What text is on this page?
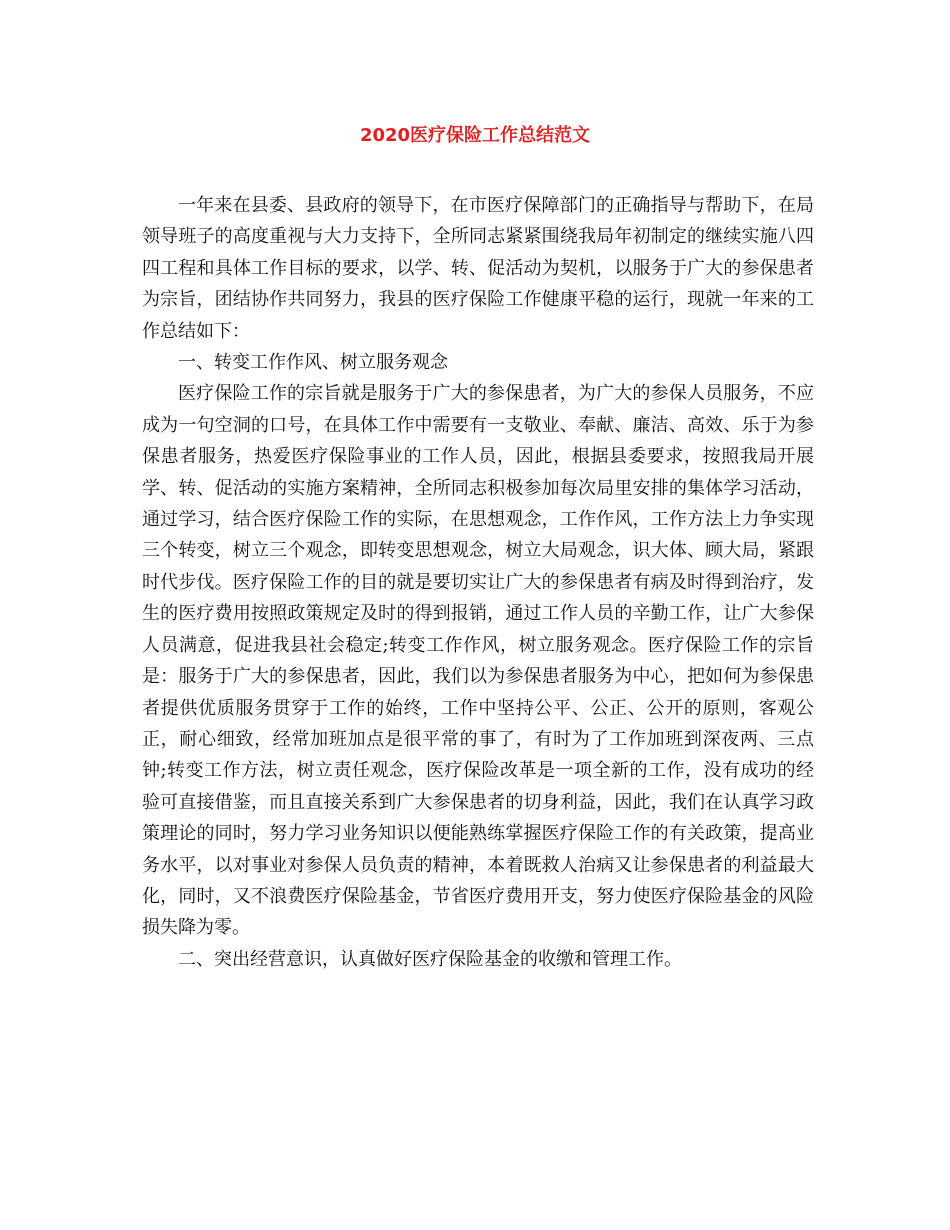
2020医疗保险工作总结范文

一年来在县委、县政府的领导下，在市医疗保障部门的正确指导与帮助下，在局领导班子的高度重视与大力支持下，全所同志紧紧围绕我局年初制定的继续实施八四四工程和具体工作目标的要求，以学、转、促活动为契机，以服务于广大的参保患者为宗旨，团结协作共同努力，我县的医疗保险工作健康平稳的运行，现就一年来的工作总结如下：

一、转变工作作风、树立服务观念

医疗保险工作的宗旨就是服务于广大的参保患者，为广大的参保人员服务，不应成为一句空洞的口号，在具体工作中需要有一支敬业、奉献、廉洁、高效、乐于为参保患者服务，热爱医疗保险事业的工作人员，因此，根据县委要求，按照我局开展学、转、促活动的实施方案精神，全所同志积极参加每次局里安排的集体学习活动，通过学习，结合医疗保险工作的实际，在思想观念，工作作风，工作方法上力争实现三个转变，树立三个观念，即转变思想观念，树立大局观念，识大体、顾大局，紧跟时代步伐。医疗保险工作的目的就是要切实让广大的参保患者有病及时得到治疗，发生的医疗费用按照政策规定及时的得到报销，通过工作人员的辛勤工作，让广大参保人员满意，促进我县社会稳定;转变工作作风，树立服务观念。医疗保险工作的宗旨是：服务于广大的参保患者，因此，我们以为参保患者服务为中心，把如何为参保患者提供优质服务贯穿于工作的始终，工作中坚持公平、公正、公开的原则，客观公正，耐心细致，经常加班加点是很平常的事了，有时为了工作加班到深夜两、三点钟;转变工作方法，树立责任观念，医疗保险改革是一项全新的工作，没有成功的经验可直接借鉴，而且直接关系到广大参保患者的切身利益，因此，我们在认真学习政策理论的同时，努力学习业务知识以便能熟练掌握医疗保险工作的有关政策，提高业务水平，以对事业对参保人员负责的精神，本着既救人治病又让参保患者的利益最大化，同时，又不浪费医疗保险基金，节省医疗费用开支，努力使医疗保险基金的风险损失降为零。

二、突出经营意识，认真做好医疗保险基金的收缴和管理工作。
